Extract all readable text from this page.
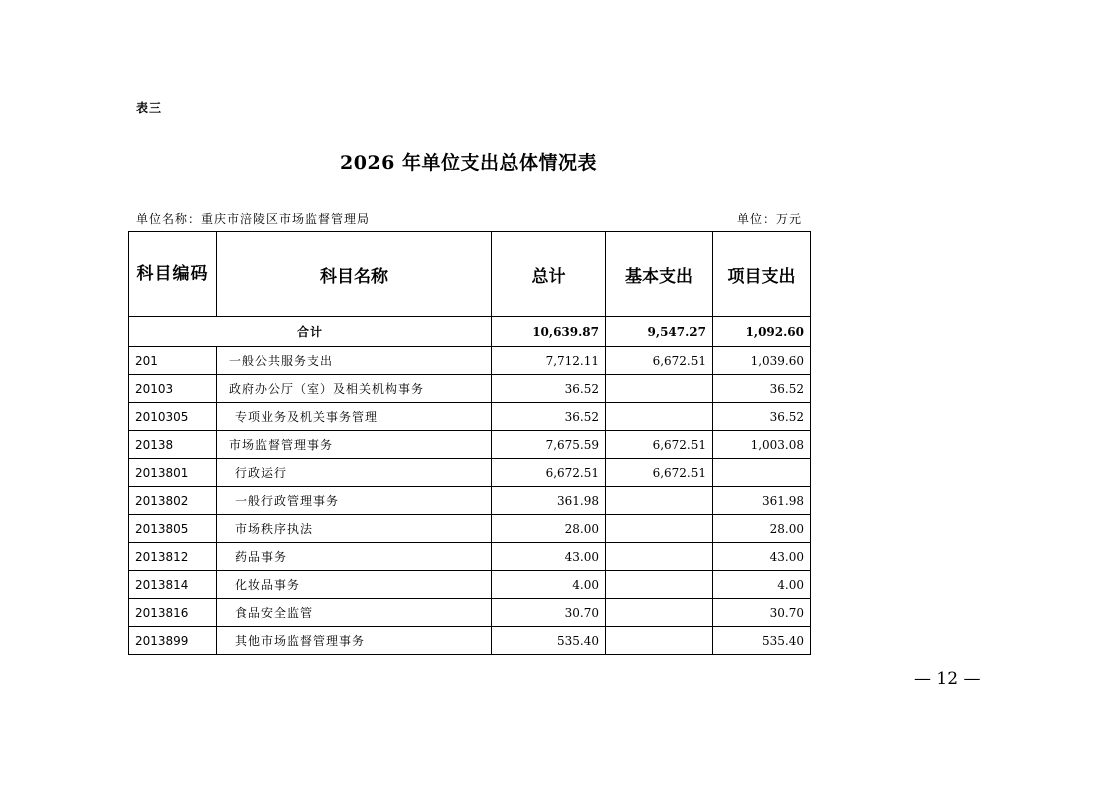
表三
2026 年单位支出总体情况表
单位名称：重庆市涪陵区市场监督管理局	单位：万元
科目编码	科目名称	总计	基本支出	项目支出
合计		10,639.87	9,547.27	1,092.60
201	一般公共服务支出	7,712.11	6,672.51	1,039.60
20103	政府办公厅（室）及相关机构事务	36.52		36.52
2010305	专项业务及机关事务管理	36.52		36.52
20138	市场监督管理事务	7,675.59	6,672.51	1,003.08
2013801	行政运行	6,672.51	6,672.51	
2013802	一般行政管理事务	361.98		361.98
2013805	市场秩序执法	28.00		28.00
2013812	药品事务	43.00		43.00
2013814	化妆品事务	4.00		4.00
2013816	食品安全监管	30.70		30.70
2013899	其他市场监督管理事务	535.40		535.40
— 12 —
